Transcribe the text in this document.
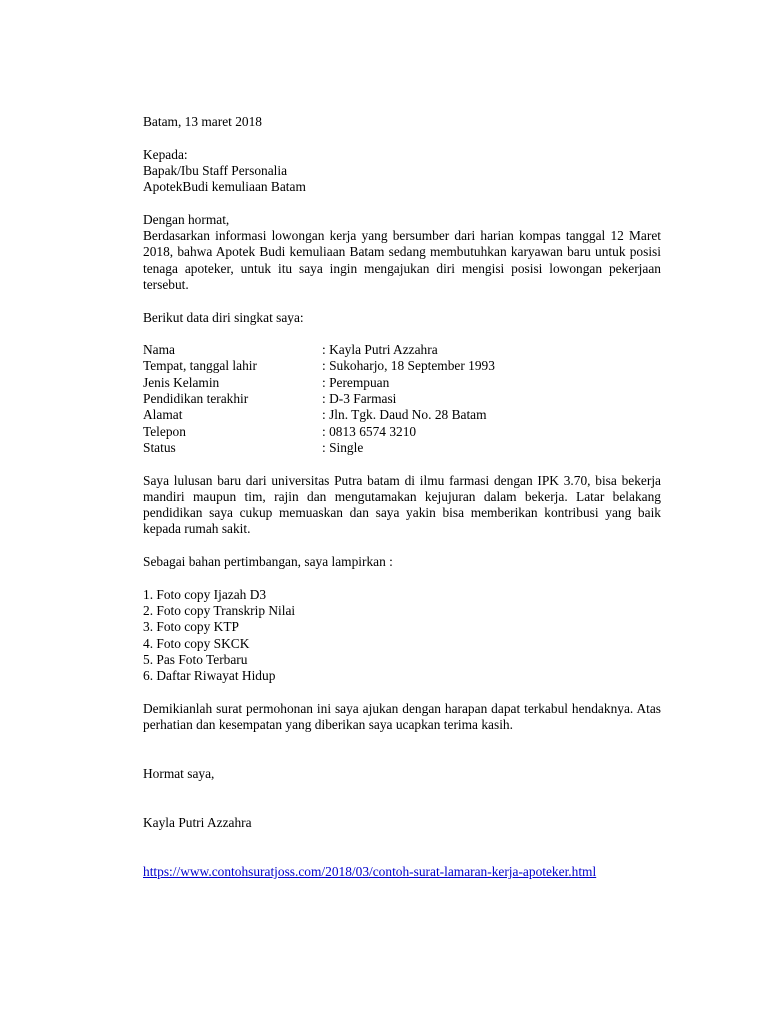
Batam, 13 maret 2018

Kepada:

Bapak/Ibu Staff Personalia

ApotekBudi kemuliaan Batam

Dengan hormat,

Berdasarkan informasi lowongan kerja yang bersumber dari harian kompas tanggal 12 Maret 2018, bahwa Apotek Budi kemuliaan Batam sedang membutuhkan karyawan baru untuk posisi tenaga apoteker, untuk itu saya ingin mengajukan diri mengisi posisi lowongan pekerjaan tersebut.

Berikut data diri singkat saya:

Nama	: Kayla Putri Azzahra
Tempat, tanggal lahir	: Sukoharjo, 18 September 1993
Jenis Kelamin	: Perempuan
Pendidikan terakhir	: D-3 Farmasi
Alamat	: Jln. Tgk. Daud No. 28 Batam
Telepon	: 0813 6574 3210
Status	: Single

Saya lulusan baru dari universitas Putra batam di ilmu farmasi dengan IPK 3.70, bisa bekerja mandiri maupun tim, rajin dan mengutamakan kejujuran dalam bekerja. Latar belakang pendidikan saya cukup memuaskan dan saya yakin bisa memberikan kontribusi yang baik kepada rumah sakit.

Sebagai bahan pertimbangan, saya lampirkan :

1. Foto copy Ijazah D3
2. Foto copy Transkrip Nilai
3. Foto copy KTP
4. Foto copy SKCK
5. Pas Foto Terbaru
6. Daftar Riwayat Hidup

Demikianlah surat permohonan ini saya ajukan dengan harapan dapat terkabul hendaknya. Atas perhatian dan kesempatan yang diberikan saya ucapkan terima kasih.

Hormat saya,

Kayla Putri Azzahra

https://www.contohsuratjoss.com/2018/03/contoh-surat-lamaran-kerja-apoteker.html
